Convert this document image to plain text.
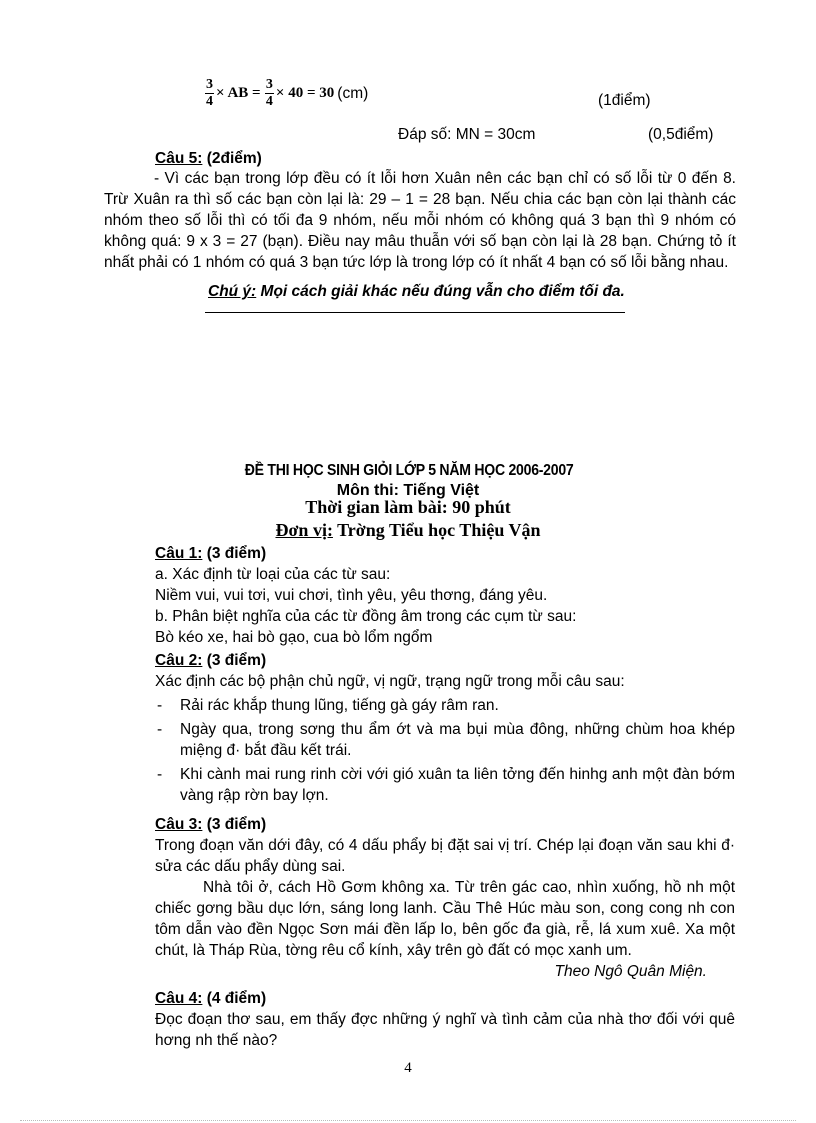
$\frac{3}{4}$ × AB = $\frac{3}{4} \times 40 = 30$ (cm)	(1điểm)
Đáp số: MN = 30cm	(0,5điểm)
Câu 5: (2điểm)
- Vì các bạn trong lớp đều có ít lỗi hơn Xuân nên các bạn chỉ có số lỗi từ 0 đến 8. Trừ Xuân ra thì số các bạn còn lại là: 29 – 1 = 28 bạn. Nếu chia các bạn còn lại thành các nhóm theo số lỗi thì có tối đa 9 nhóm, nếu mỗi nhóm có không quá 3 bạn thì 9 nhóm có không quá: 9 x 3 = 27 (bạn). Điều nay mâu thuẫn với số bạn còn lại là 28 bạn. Chứng tỏ ít nhất phải có 1 nhóm có quá 3 bạn tức lớp là trong lớp có ít nhất 4 bạn có số lỗi bằng nhau.
Chú ý: Mọi cách giải khác nếu đúng vẫn cho điểm tối đa.
ĐỀ THI HỌC SINH GIỎI LỚP 5 NĂM HỌC 2006-2007
Môn thi: Tiếng Việt
Thời gian làm bài: 90 phút
Đơn vị: Trờng Tiểu học Thiệu Vận
Câu 1: (3 điểm)
a. Xác định từ loại của các từ sau:
Niềm vui, vui tơi, vui chơi, tình yêu, yêu thơng, đáng yêu.
b. Phân biệt nghĩa của các từ đồng âm trong các cụm từ sau:
Bò kéo xe, hai bò gạo, cua bò lổm ngổm
Câu 2: (3 điểm)
Xác định các bộ phận chủ ngữ, vị ngữ, trạng ngữ trong mỗi câu sau:
- Rải rác khắp thung lũng, tiếng gà gáy râm ran.
- Ngày qua, trong sơng thu ẩm ớt và ma bụi mùa đông, những chùm hoa khép miệng đ· bắt đầu kết trái.
- Khi cành mai rung rinh cời với gió xuân ta liên tởng đến hinhg anh một đàn bớm vàng rập rờn bay lợn.
Câu 3: (3 điểm)
Trong đoạn văn dới đây, có 4 dấu phẩy bị đặt sai vị trí. Chép lại đoạn văn sau khi đ· sửa các dấu phẩy dùng sai.
Nhà tôi ở, cách Hồ Gơm không xa. Từ trên gác cao, nhìn xuống, hồ nh một chiếc gơng bầu dục lớn, sáng long lanh. Cầu Thê Húc màu son, cong cong nh con tôm dẫn vào đền Ngọc Sơn mái đền lấp lo, bên gốc đa già, rễ, lá xum xuê. Xa một chút, là Tháp Rùa, tờng rêu cổ kính, xây trên gò đất có mọc xanh um.
Theo Ngô Quân Miện.
Câu 4: (4 điểm)
Đọc đoạn thơ sau, em thấy đợc những ý nghĩ và tình cảm của nhà thơ đối với quê hơng nh thế nào?
4
